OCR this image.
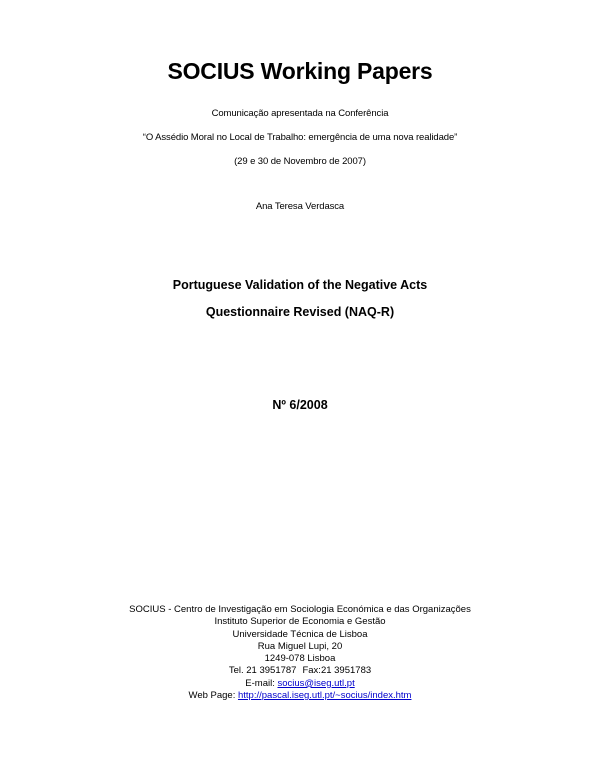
SOCIUS Working Papers
Comunicação apresentada na Conferência
“O Assédio Moral no Local de Trabalho: emergência de uma nova realidade”
(29 e 30 de Novembro de 2007)
Ana Teresa Verdasca
Portuguese Validation of the Negative Acts
Questionnaire Revised (NAQ-R)
Nº 6/2008
SOCIUS - Centro de Investigação em Sociologia Económica e das Organizações
Instituto Superior de Economia e Gestão
Universidade Técnica de Lisboa
Rua Miguel Lupi, 20
1249-078 Lisboa
Tel. 21 3951787 Fax:21 3951783
E-mail: socius@iseg.utl.pt
Web Page: http://pascal.iseg.utl.pt/~socius/index.htm
